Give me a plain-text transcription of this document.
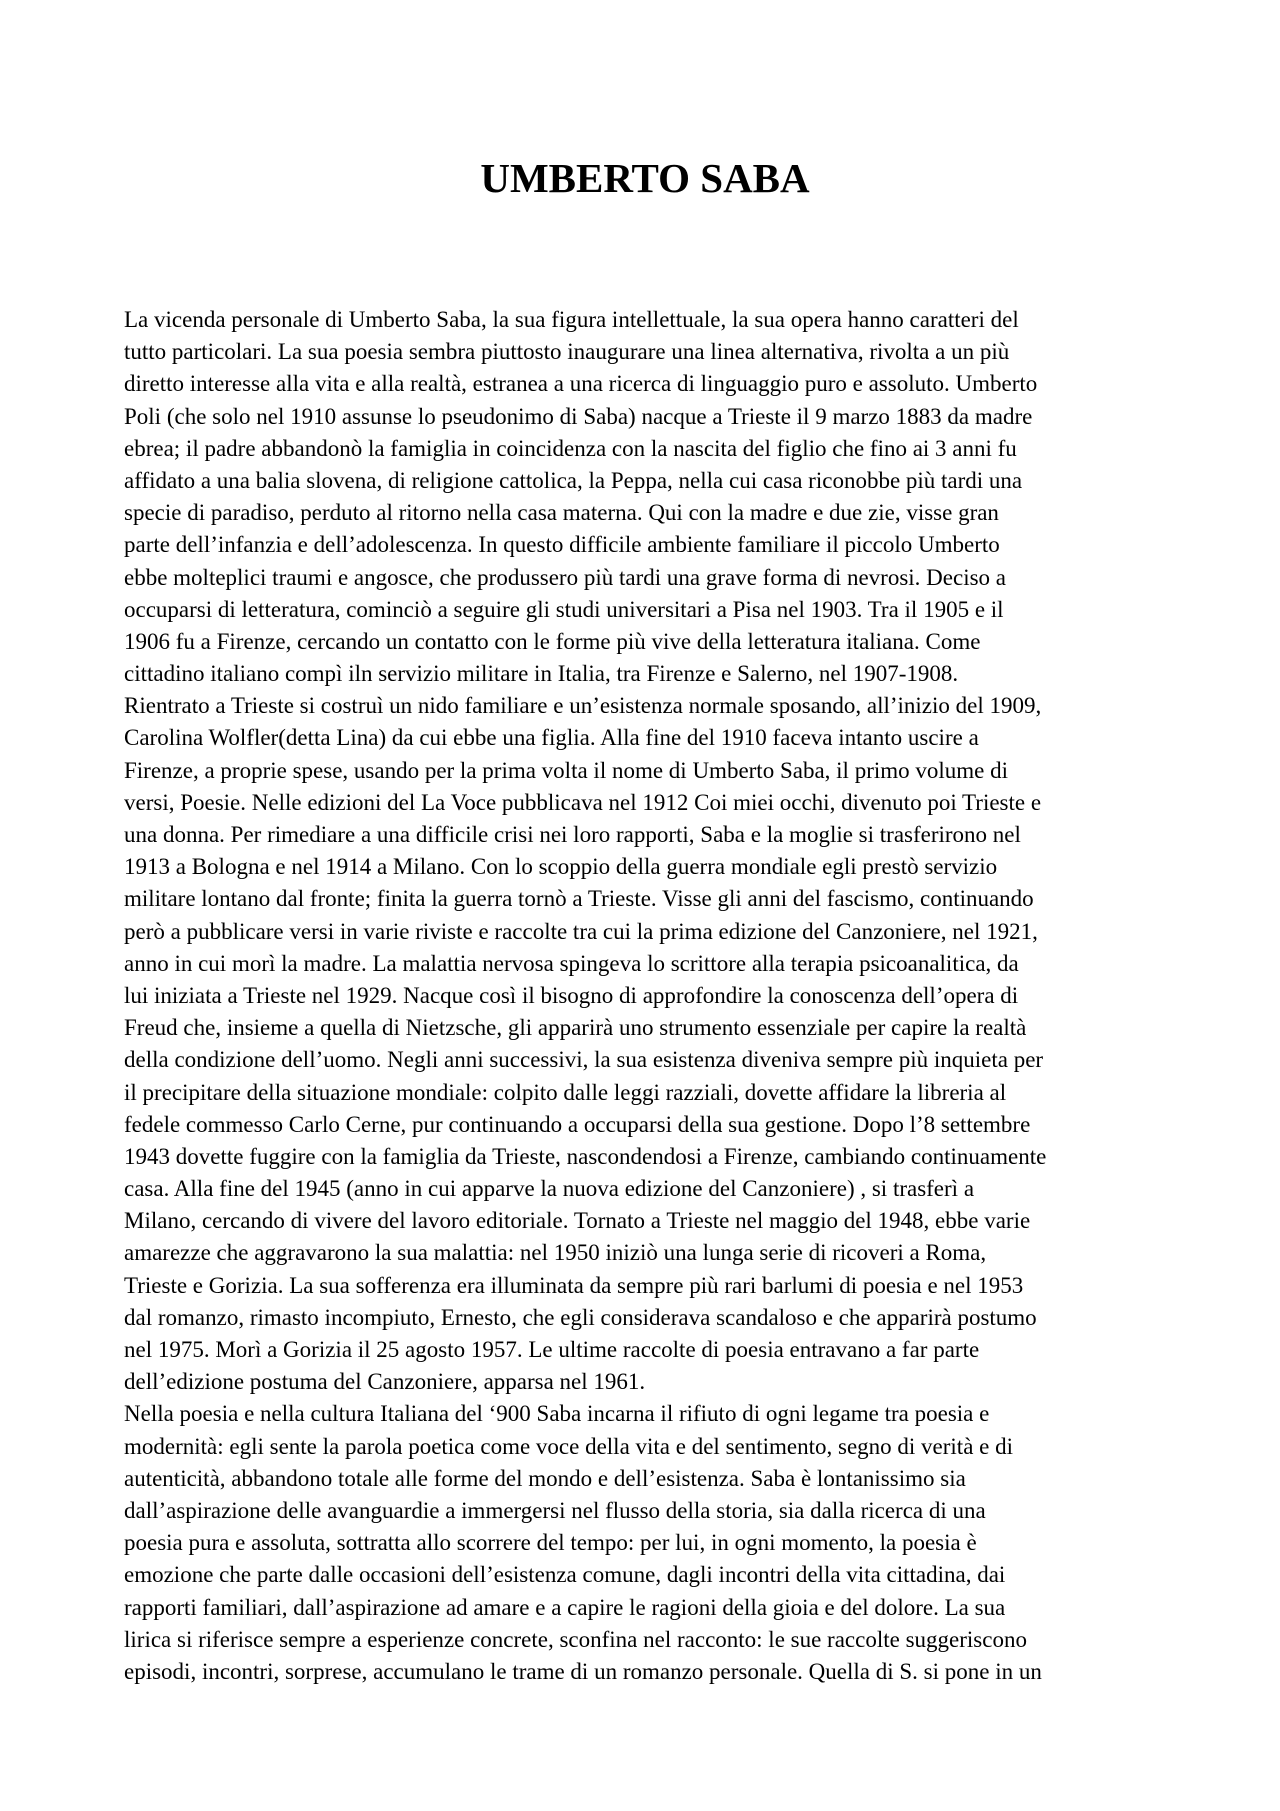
UMBERTO SABA
La vicenda personale di Umberto Saba, la sua figura intellettuale, la sua opera hanno caratteri del
tutto particolari. La sua poesia sembra piuttosto inaugurare una linea alternativa, rivolta a un più
diretto interesse alla vita e alla realtà, estranea a una ricerca di linguaggio puro e assoluto. Umberto
Poli (che solo nel 1910 assunse lo pseudonimo di Saba) nacque a Trieste il 9 marzo 1883 da madre
ebrea; il padre abbandonò la famiglia in coincidenza con la nascita del figlio che fino ai 3 anni fu
affidato a una balia slovena, di religione cattolica, la Peppa, nella cui casa riconobbe più tardi una
specie di paradiso, perduto al ritorno nella casa materna. Qui con la madre e due zie, visse gran
parte dell’infanzia e dell’adolescenza. In questo difficile ambiente familiare il piccolo Umberto
ebbe molteplici traumi e angosce, che produssero più tardi una grave forma di nevrosi. Deciso a
occuparsi di letteratura, cominciò a seguire gli studi universitari a Pisa nel 1903. Tra il 1905 e il
1906 fu a Firenze, cercando un contatto con le forme più vive della letteratura italiana. Come
cittadino italiano compì iln servizio militare in Italia, tra Firenze e Salerno, nel 1907-1908.
Rientrato a Trieste si costruì un nido familiare e un’esistenza normale sposando, all’inizio del 1909,
Carolina Wolfler(detta Lina) da cui ebbe una figlia. Alla fine del 1910 faceva intanto uscire a
Firenze, a proprie spese, usando per la prima volta il nome di Umberto Saba, il primo volume di
versi, Poesie. Nelle edizioni del La Voce pubblicava nel 1912 Coi miei occhi, divenuto poi Trieste e
una donna. Per rimediare a una difficile crisi nei loro rapporti, Saba e la moglie si trasferirono nel
1913 a Bologna e nel 1914 a Milano. Con lo scoppio della guerra mondiale egli prestò servizio
militare lontano dal fronte; finita la guerra tornò a Trieste. Visse gli anni del fascismo, continuando
però a pubblicare versi in varie riviste e raccolte tra cui la prima edizione del Canzoniere, nel 1921,
anno in cui morì la madre. La malattia nervosa spingeva lo scrittore alla terapia psicoanalitica, da
lui iniziata a Trieste nel 1929. Nacque così il bisogno di approfondire la conoscenza dell’opera di
Freud che, insieme a quella di Nietzsche, gli apparirà uno strumento essenziale per capire la realtà
della condizione dell’uomo. Negli anni successivi, la sua esistenza diveniva sempre più inquieta per
il precipitare della situazione mondiale: colpito dalle leggi razziali, dovette affidare la libreria al
fedele commesso Carlo Cerne, pur continuando a occuparsi della sua gestione. Dopo l’8 settembre
1943 dovette fuggire con la famiglia da Trieste, nascondendosi a Firenze, cambiando continuamente
casa. Alla fine del 1945 (anno in cui apparve la nuova edizione del Canzoniere) , si trasferì a
Milano, cercando di vivere del lavoro editoriale. Tornato a Trieste nel maggio del 1948, ebbe varie
amarezze che aggravarono la sua malattia: nel 1950 iniziò una lunga serie di ricoveri a Roma,
Trieste e Gorizia. La sua sofferenza era illuminata da sempre più rari barlumi di poesia e nel 1953
dal romanzo, rimasto incompiuto, Ernesto, che egli considerava scandaloso e che apparirà postumo
nel 1975. Morì a Gorizia il 25 agosto 1957. Le ultime raccolte di poesia entravano a far parte
dell’edizione postuma del Canzoniere, apparsa nel 1961.
Nella poesia e nella cultura Italiana del ‘900 Saba incarna il rifiuto di ogni legame tra poesia e
modernità: egli sente la parola poetica come voce della vita e del sentimento, segno di verità e di
autenticità, abbandono totale alle forme del mondo e dell’esistenza. Saba è lontanissimo sia
dall’aspirazione delle avanguardie a immergersi nel flusso della storia, sia dalla ricerca di una
poesia pura e assoluta, sottratta allo scorrere del tempo: per lui, in ogni momento, la poesia è
emozione che parte dalle occasioni dell’esistenza comune, dagli incontri della vita cittadina, dai
rapporti familiari, dall’aspirazione ad amare e a capire le ragioni della gioia e del dolore. La sua
lirica si riferisce sempre a esperienze concrete, sconfina nel racconto: le sue raccolte suggeriscono
episodi, incontri, sorprese, accumulano le trame di un romanzo personale. Quella di S. si pone in un
